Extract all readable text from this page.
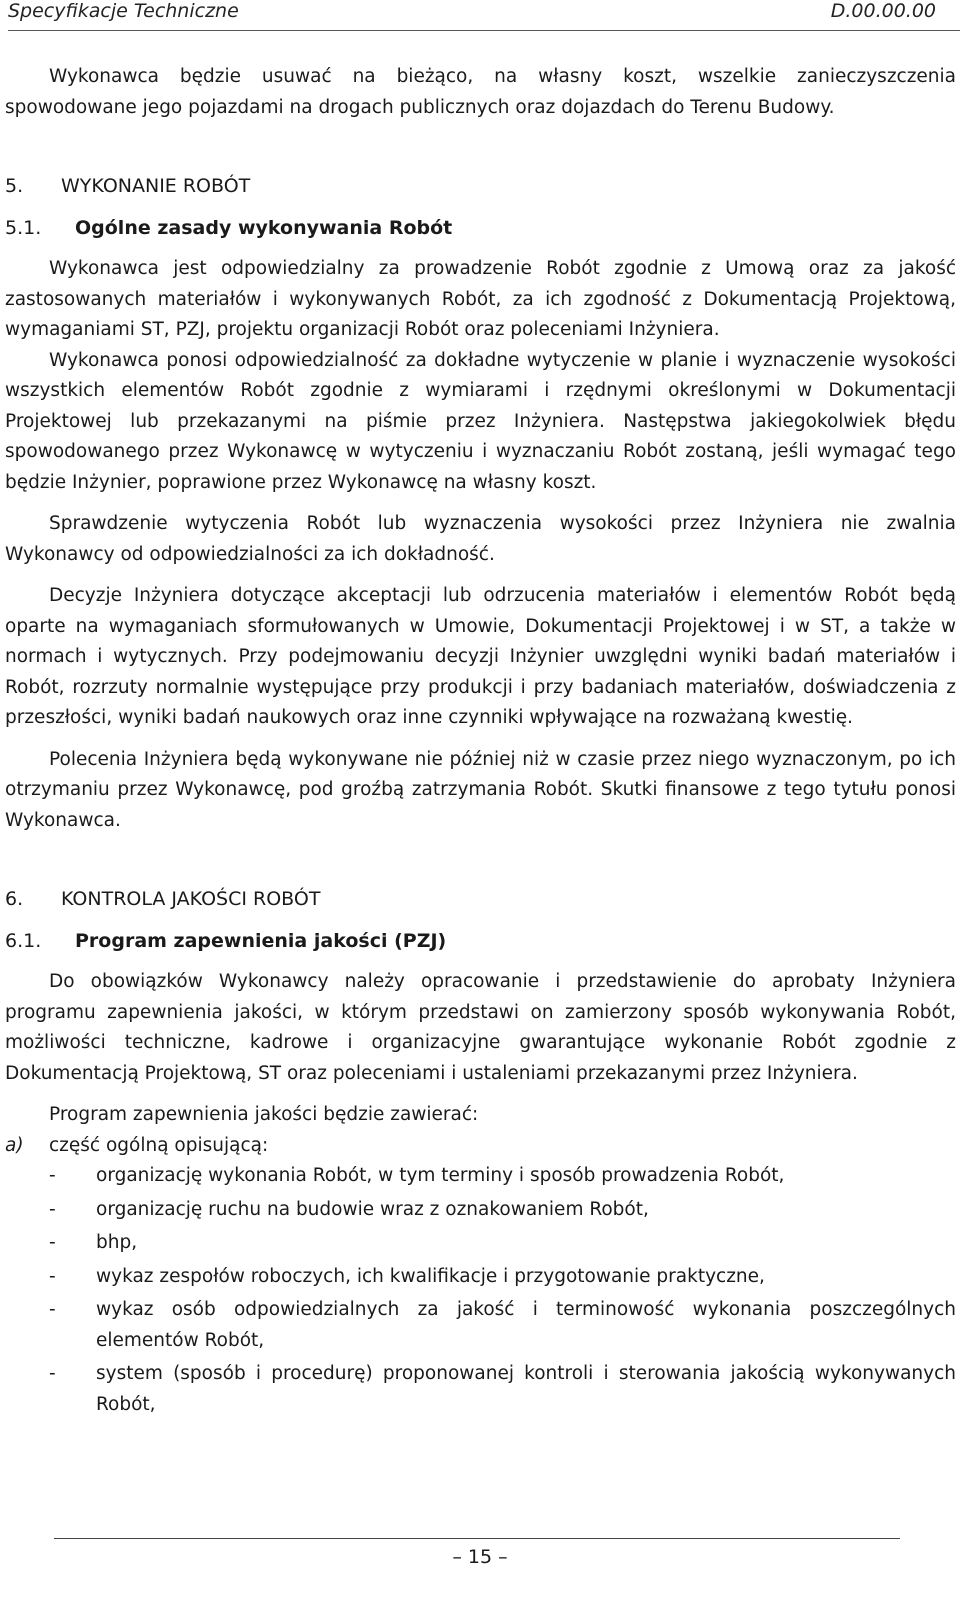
Specyfikacje Techniczne	D.00.00.00

Wykonawca będzie usuwać na bieżąco, na własny koszt, wszelkie zanieczyszczenia spowodowane jego pojazdami na drogach publicznych oraz dojazdach do Terenu Budowy.

5.	WYKONANIE ROBÓT
5.1.	Ogólne zasady wykonywania Robót

Wykonawca jest odpowiedzialny za prowadzenie Robót zgodnie z Umową oraz za jakość zastosowanych materiałów i wykonywanych Robót, za ich zgodność z Dokumentacją Projektową, wymaganiami ST, PZJ, projektu organizacji Robót oraz poleceniami Inżyniera.

Wykonawca ponosi odpowiedzialność za dokładne wytyczenie w planie i wyznaczenie wysokości wszystkich elementów Robót zgodnie z wymiarami i rzędnymi określonymi w Dokumentacji Projektowej lub przekazanymi na piśmie przez Inżyniera. Następstwa jakiegokolwiek błędu spowodowanego przez Wykonawcę w wytyczeniu i wyznaczaniu Robót zostaną, jeśli wymagać tego będzie Inżynier, poprawione przez Wykonawcę na własny koszt.

Sprawdzenie wytyczenia Robót lub wyznaczenia wysokości przez Inżyniera nie zwalnia Wykonawcy od odpowiedzialności za ich dokładność.

Decyzje Inżyniera dotyczące akceptacji lub odrzucenia materiałów i elementów Robót będą oparte na wymaganiach sformułowanych w Umowie, Dokumentacji Projektowej i w ST, a także w normach i wytycznych. Przy podejmowaniu decyzji Inżynier uwzględni wyniki badań materiałów i Robót, rozrzuty normalnie występujące przy produkcji i przy badaniach materiałów, doświadczenia z przeszłości, wyniki badań naukowych oraz inne czynniki wpływające na rozważaną kwestię.

Polecenia Inżyniera będą wykonywane nie później niż w czasie przez niego wyznaczonym, po ich otrzymaniu przez Wykonawcę, pod groźbą zatrzymania Robót. Skutki finansowe z tego tytułu ponosi Wykonawca.

6.	KONTROLA JAKOŚCI ROBÓT
6.1.	Program zapewnienia jakości (PZJ)

Do obowiązków Wykonawcy należy opracowanie i przedstawienie do aprobaty Inżyniera programu zapewnienia jakości, w którym przedstawi on zamierzony sposób wykonywania Robót, możliwości techniczne, kadrowe i organizacyjne gwarantujące wykonanie Robót zgodnie z Dokumentacją Projektową, ST oraz poleceniami i ustaleniami przekazanymi przez Inżyniera.

Program zapewnienia jakości będzie zawierać:

a)	część ogólną opisującą:
-	organizację wykonania Robót, w tym terminy i sposób prowadzenia Robót,
-	organizację ruchu na budowie wraz z oznakowaniem Robót,
-	bhp,
-	wykaz zespołów roboczych, ich kwalifikacje i przygotowanie praktyczne,
-	wykaz osób odpowiedzialnych za jakość i terminowość wykonania poszczególnych elementów Robót,
-	system (sposób i procedurę) proponowanej kontroli i sterowania jakością wykonywanych Robót,
– 15 –
